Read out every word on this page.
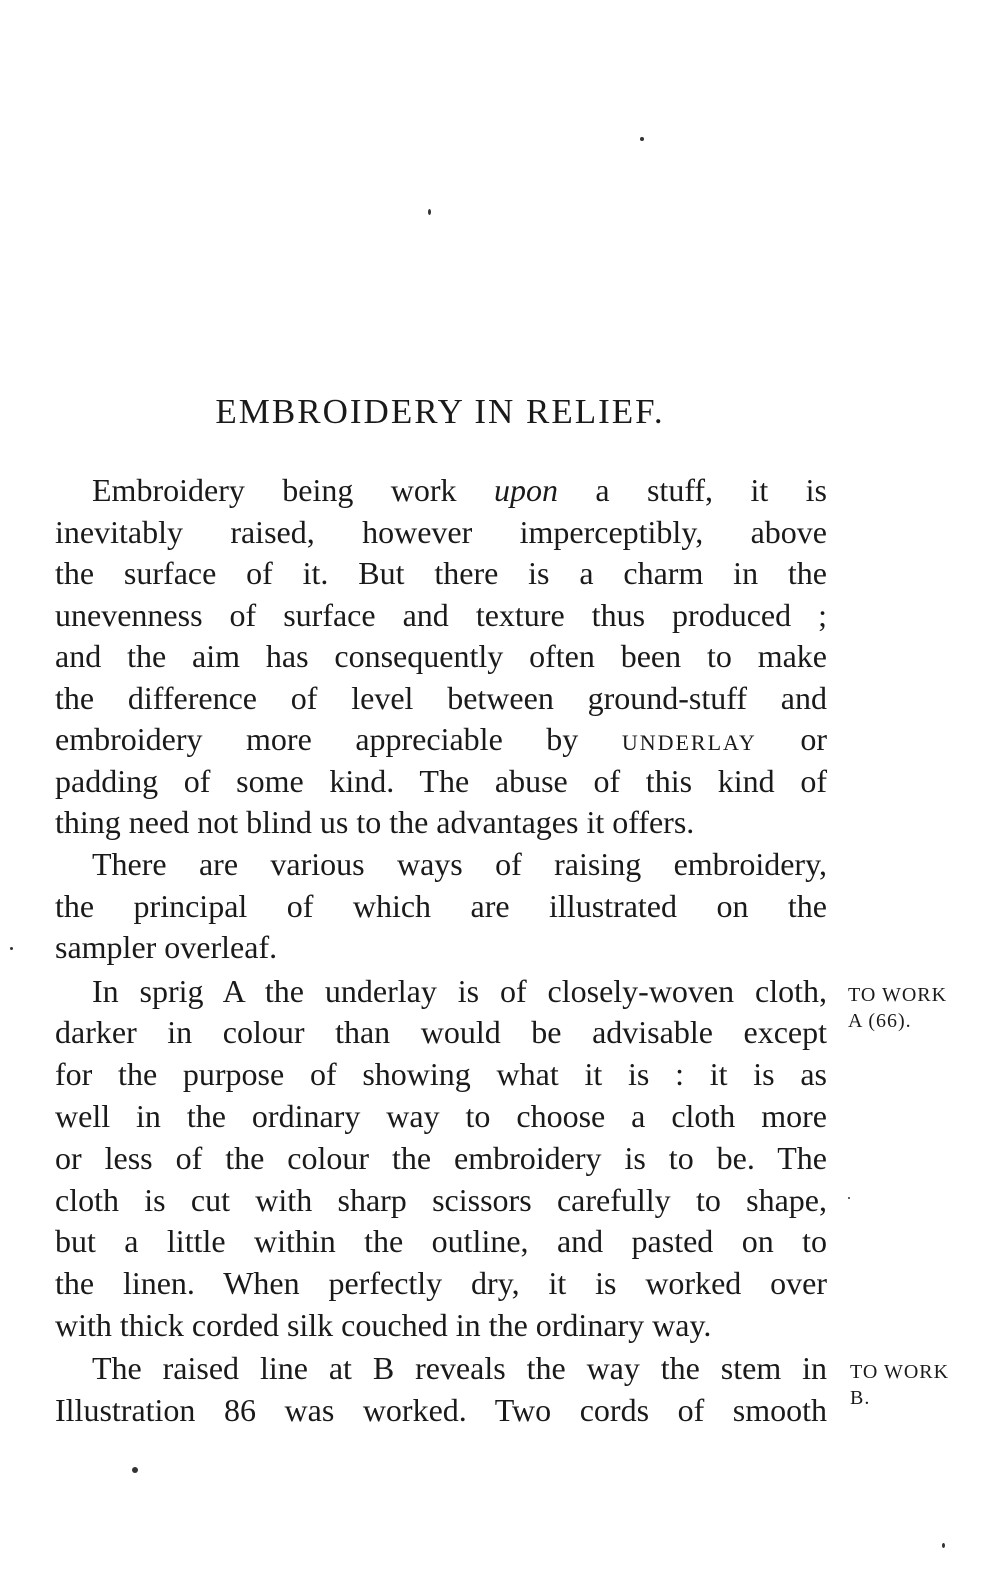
EMBROIDERY IN RELIEF.
Embroidery being work upon a stuff, it is
inevitably raised, however imperceptibly, above
the surface of it. But there is a charm in the
unevenness of surface and texture thus produced ;
and the aim has consequently often been to make
the difference of level between ground-stuff and
embroidery more appreciable by UNDERLAY or
padding of some kind. The abuse of this kind of
thing need not blind us to the advantages it offers.
There are various ways of raising embroidery,
the principal of which are illustrated on the
sampler overleaf.
In sprig A the underlay is of closely-woven cloth,
darker in colour than would be advisable except
for the purpose of showing what it is : it is as
well in the ordinary way to choose a cloth more
or less of the colour the embroidery is to be. The
cloth is cut with sharp scissors carefully to shape,
but a little within the outline, and pasted on to
the linen. When perfectly dry, it is worked over
with thick corded silk couched in the ordinary way.
The raised line at B reveals the way the stem in
Illustration 86 was worked. Two cords of smooth
TO WORK
A (66).
TO WORK
B.
